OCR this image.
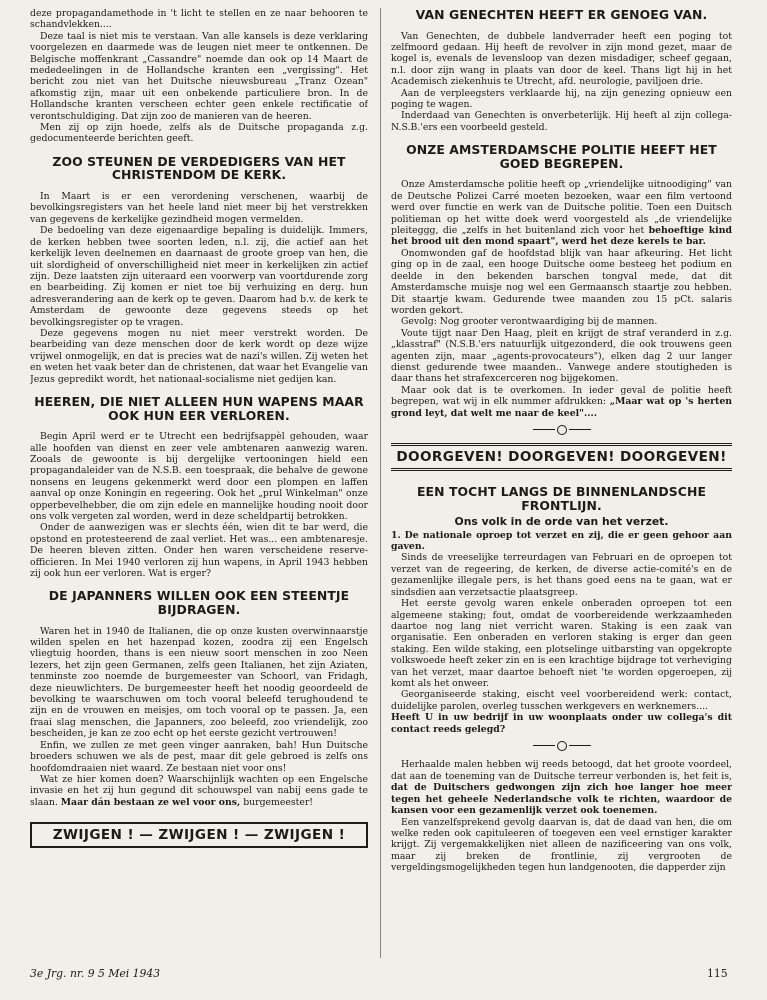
deze propagandamethode in 't licht te stellen en ze naar behooren te schandvlekken....

Deze taal is niet mis te verstaan. Van alle kansels is deze verklaring voorgelezen en daarmede was de leugen niet meer te ontkennen. De Belgische moffenkrant „Cassandre" noemde dan ook op 14 Maart de mededeelingen in de Hollandsche kranten een „vergissing". Het bericht zou niet van het Duitsche nieuwsbureau „Tranz Ozean" afkomstig zijn, maar uit een onbekende particuliere bron. In de Hollandsche kranten verscheen echter geen enkele rectificatie of verontschuldiging. Dat zijn zoo de manieren van de heeren.

Men zij op zijn hoede, zelfs als de Duitsche propaganda z.g. gedocumenteerde berichten geeft.

ZOO STEUNEN DE VERDEDIGERS VAN HET CHRISTENDOM DE KERK.

In Maart is er een verordening verschenen, waarbij de bevolkingsregisters van het heele land niet meer bij het verstrekken van gegevens de kerkelijke gezindheid mogen vermelden.

De bedoeling van deze eigenaardige bepaling is duidelijk. Immers, de kerken hebben twee soorten leden, n.l. zij, die actief aan het kerkelijk leven deelnemen en daarnaast de groote groep van hen, die uit slordigheid of onverschilligheid niet meer in kerkelijken zin actief zijn. Deze laatsten zijn uiteraard een voorwerp van voortdurende zorg en bearbeiding. Zij komen er niet toe bij verhuizing en derg. hun adresverandering aan de kerk op te geven. Daarom had b.v. de kerk te Amsterdam de gewoonte deze gegevens steeds op het bevolkingsregister op te vragen.

Deze gegevens mogen nu niet meer verstrekt worden. De bearbeiding van deze menschen door de kerk wordt op deze wijze vrijwel onmogelijk, en dat is precies wat de nazi's willen. Zij weten het en weten het vaak beter dan de christenen, dat waar het Evangelie van Jezus gepredikt wordt, het nationaal-socialisme niet gedijen kan.

HEEREN, DIE NIET ALLEEN HUN WAPENS MAAR OOK HUN EER VERLOREN.

Begin April werd er te Utrecht een bedrijfsappèl gehouden, waar alle hoofden van dienst en zeer vele ambtenaren aanwezig waren. Zooals de gewoonte is bij dergelijke vertooningen hield een propagandaleider van de N.S.B. een toespraak, die behalve de gewone nonsens en leugens gekenmerkt werd door een plompen en laffen aanval op onze Koningin en regeering. Ook het „prul Winkelman" onze opperbevelhebber, die om zijn edele en mannelijke houding nooit door ons volk vergeten zal worden, werd in deze scheldpartij betrokken.

Onder de aanwezigen was er slechts één, wien dit te bar werd, die opstond en protesteerend de zaal verliet. Het was... een ambtenaresje. De heeren bleven zitten. Onder hen waren verscheidene reserve-officieren. In Mei 1940 verloren zij hun wapens, in April 1943 hebben zij ook hun eer verloren. Wat is erger?

DE JAPANNERS WILLEN OOK EEN STEENTJE BIJDRAGEN.

Waren het in 1940 de Italianen, die op onze kusten overwinnaarstje wilden spelen en het hazenpad kozen, zoodra zij een Engelsch vliegtuig hoorden, thans is een nieuw soort menschen in zoo Neen lezers, het zijn geen Germanen, zelfs geen Italianen, het zijn Aziaten, tenminste zoo noemde de burgemeester van Schoorl, van Fridagh, deze nieuwlichters. De burgemeester heeft het noodig geoordeeld de bevolking te waarschuwen om toch vooral beleefd terughoudend te zijn en de vrouwen en meisjes, om toch vooral op te passen. Ja, een fraai slag menschen, die Japanners, zoo beleefd, zoo vriendelijk, zoo bescheiden, je kan ze zoo echt op het eerste gezicht vertrouwen!

Enfin, we zullen ze met geen vinger aanraken, bah! Hun Duitsche broeders schuwen we als de pest, maar dit gele gebroed is zelfs ons hoofdomdraaien niet waard. Ze bestaan niet voor ons!

Wat ze hier komen doen? Waarschijnlijk wachten op een Engelsche invasie en het zij hun gegund dit schouwspel van nabij eens gade te slaan. Maar dán bestaan ze wel voor ons, burgemeester!

ZWIJGEN ! — ZWIJGEN ! — ZWIJGEN !
VAN GENECHTEN HEEFT ER GENOEG VAN.

Van Genechten, de dubbele landverrader heeft een poging tot zelfmoord gedaan. Hij heeft de revolver in zijn mond gezet, maar de kogel is, evenals de levensloop van dezen misdadiger, scheef gegaan, n.l. door zijn wang in plaats van door de keel. Thans ligt hij in het Academisch ziekenhuis te Utrecht, afd. neurologie, paviljoen drie.

Aan de verpleegsters verklaarde hij, na zijn genezing opnieuw een poging te wagen.

Inderdaad van Genechten is onverbeterlijk. Hij heeft al zijn collega-N.S.B.'ers een voorbeeld gesteld.

ONZE AMSTERDAMSCHE POLITIE HEEFT HET GOED BEGREPEN.

Onze Amsterdamsche politie heeft op „vriendelijke uitnoodiging" van de Deutsche Polizei Carré moeten bezoeken, waar een film vertoond werd over functie en werk van de Duitsche politie. Toen een Duitsch politieman op het witte doek werd voorgesteld als „de vriendelijke pleiteggg, die „zelfs in het buitenland zich voor het behoeftige kind het brood uit den mond spaart", werd het deze kerels te bar.

Onomwonden gaf de hoofdstad blijk van haar afkeuring. Het licht ging op in de zaal, een hooge Duitsche oome besteeg het podium en deelde in den bekenden barschen tongval mede, dat dit Amsterdamsche muisje nog wel een Germaansch staartje zou hebben. Dit staartje kwam. Gedurende twee maanden zou 15 pCt. salaris worden gekort.

Gevolg: Nog grooter verontwaardiging bij de mannen.

Voute tijgt naar Den Haag, pleit en krijgt de straf veranderd in z.g. „klasstraf" (N.S.B.'ers natuurlijk uitgezonderd, die ook trouwens geen agenten zijn, maar „agents-provocateurs"), elken dag 2 uur langer dienst gedurende twee maanden.. Vanwege andere stoutigheden is daar thans het strafexcerceren nog bijgekomen.

Maar ook dat is te overkomen. In ieder geval de politie heeft begrepen, wat wij in elk nummer afdrukken: „Maar wat op 's herten grond leyt, dat welt me naar de keel"....

DOORGEVEN! DOORGEVEN! DOORGEVEN!
EEN TOCHT LANGS DE BINNENLANDSCHE FRONTLIJN.
Ons volk in de orde van het verzet.

1. De nationale oproep tot verzet en zij, die er geen gehoor aan gaven.

Sinds de vreeselijke terreurdagen van Februari en de oproepen tot verzet van de regeering, de kerken, de diverse actie-comité's en de gezamenlijke illegale pers, is het thans goed eens na te gaan, wat er sindsdien aan verzetsactie plaatsgreep.

Het eerste gevolg waren enkele onberaden oproepen tot een algemeene staking; fout, omdat de voorbereidende werkzaamheden daartoe nog lang niet verricht waren. Staking is een zaak van organisatie. Een onberaden en verloren staking is erger dan geen staking. Een wilde staking, een plotselinge uitbarsting van opgekropte volkswoede heeft zeker zin en is een krachtige bijdrage tot verheviging van het verzet, maar daartoe behoeft niet 'te worden opgeroepen, zij komt als het onweer.

Georganiseerde staking, eischt veel voorbereidend werk: contact, duidelijke parolen, overleg tusschen werkgevers en werknemers....

Heeft U in uw bedrijf in uw woonplaats onder uw collega's dit contact reeds gelegd?

Herhaalde malen hebben wij reeds betoogd, dat het groote voordeel, dat aan de toeneming van de Duitsche terreur verbonden is, het feit is, dat de Duitschers gedwongen zijn zich hoe langer hoe meer tegen het geheele Nederlandsche volk te richten, waardoor de kansen voor een gezamenlijk verzet ook toenemen.

Een vanzelfsprekend gevolg daarvan is, dat de daad van hen, die om welke reden ook capituleeren of toegeven een veel ernstiger karakter krijgt. Zij vergemakkelijken niet alleen de nazificeering van ons volk, maar zij breken de frontlinie, zij vergrooten de vergeldingsmogelijkheden tegen hun landgenooten, die dapperder zijn

3e Jrg. nr. 9 5 Mei 1943	115
